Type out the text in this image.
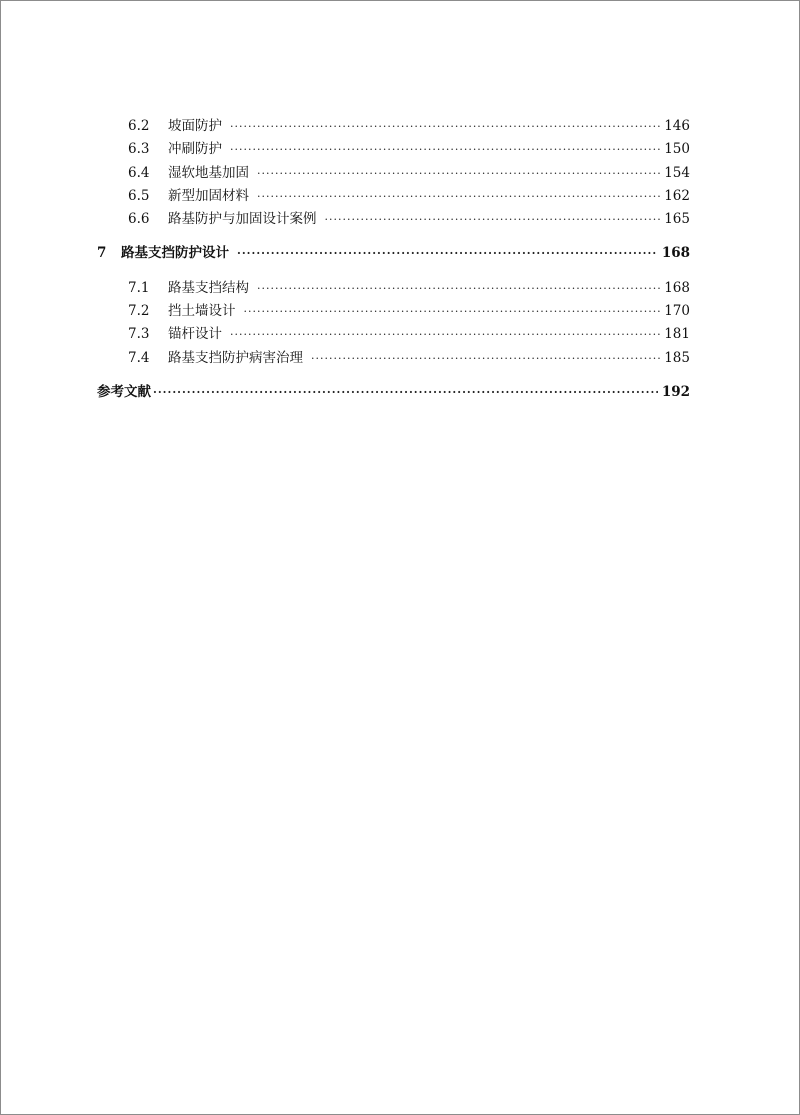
6.2	坡面防护 ·····	146
6.3	冲刷防护 ·····	150
6.4	湿软地基加固 ·····	154
6.5	新型加固材料 ·····	162
6.6	路基防护与加固设计案例 ·····	165
7	路基支挡防护设计 ·····	168
7.1	路基支挡结构 ·····	168
7.2	挡土墙设计 ·····	170
7.3	锚杆设计 ·····	181
7.4	路基支挡防护病害治理 ·····	185
参考文献 ·····	192
